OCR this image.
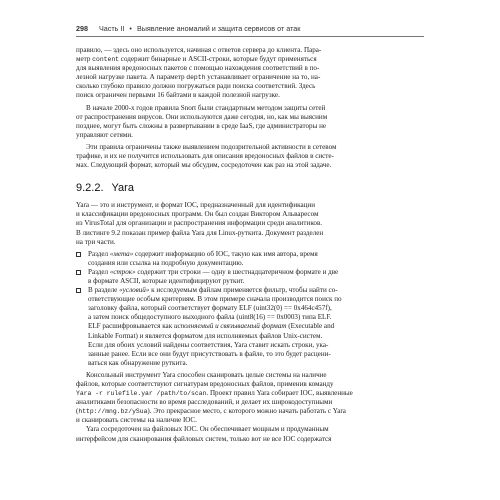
298 Часть II • Выявление аномалий и защита сервисов от атак
правило, — здесь оно используется, начиная с ответов сервера до клиента. Пара-
метр content содержит бинарные и ASCII-строки, которые будут применяться
для выявления вредоносных пакетов с помощью нахождения соответствий в по-
лезной нагрузке пакета. А параметр depth устанавливает ограничение на то, на-
сколько глубоко правило должно погружаться ради поиска соответствий. Здесь
поиск ограничен первыми 16 байтами в каждой полезной нагрузке.
В начале 2000-х годов правила Snort были стандартным методом защиты сетей
от распространения вирусов. Они используются даже сегодня, но, как мы выясним
позднее, могут быть сложны в развертывании в среде IaaS, где администраторы не
управляют сетями.
Эти правила ограничены также выявлением подозрительной активности в сетевом
трафике, и их не получится использовать для описания вредоносных файлов в систе-
мах. Следующий формат, который мы обсудим, сосредоточен как раз на этой задаче.
9.2.2. Yara
Yara — это и инструмент, и формат IOC, предназначенный для идентификации
и классификации вредоносных программ. Он был создан Виктором Альваресом
из VirusTotal для организации и распространения информации среди аналитиков.
В листинге 9.2 показан пример файла Yara для Linux-руткита. Документ разделен
на три части.
Раздел «мета» содержит информацию об IOC, такую как имя автора, время
создания или ссылка на подробную документацию.
Раздел «строк» содержит три строки — одну в шестнадцатеричном формате и две
в формате ASCII, которые идентифицируют руткит.
В разделе «условий» к исследуемым файлам применяется фильтр, чтобы найти со-
ответствующие особым критериям. В этом примере сначала производится поиск по
заголовку файла, который соответствует формату ELF (uint32(0) == 0x464c457f),
а затем поиск общедоступного выходного файла (uint8(16) == 0x0003) типа ELF.
ELF расшифровывается как исполняемый и связываемый формат (Executable and
Linkable Format) и является форматом для исполняемых файлов Unix-систем.
Если для обоих условий найдены соответствия, Yara ставит искать строки, ука-
занные ранее. Если все они будут присутствовать в файле, то это будет расцени-
ваться как обнаружение руткита.
Консольный инструмент Yara способен сканировать целые системы на наличие
файлов, которые соответствуют сигнатурам вредоносных файлов, применив команду
Yara -r rulefile.yar /path/to/scan. Проект правил Yara собирает IOC, выявленные
аналитиками безопасности во время расследований, и делает их широкодоступными
(http://mng.bz/ySua). Это прекрасное место, с которого можно начать работать с Yara
и сканировать системы на наличие IOC.
Yara сосредоточен на файловых IOC. Он обеспечивает мощным и продуманным
интерфейсом для сканирования файловых систем, только вот не все IOC содержатся
